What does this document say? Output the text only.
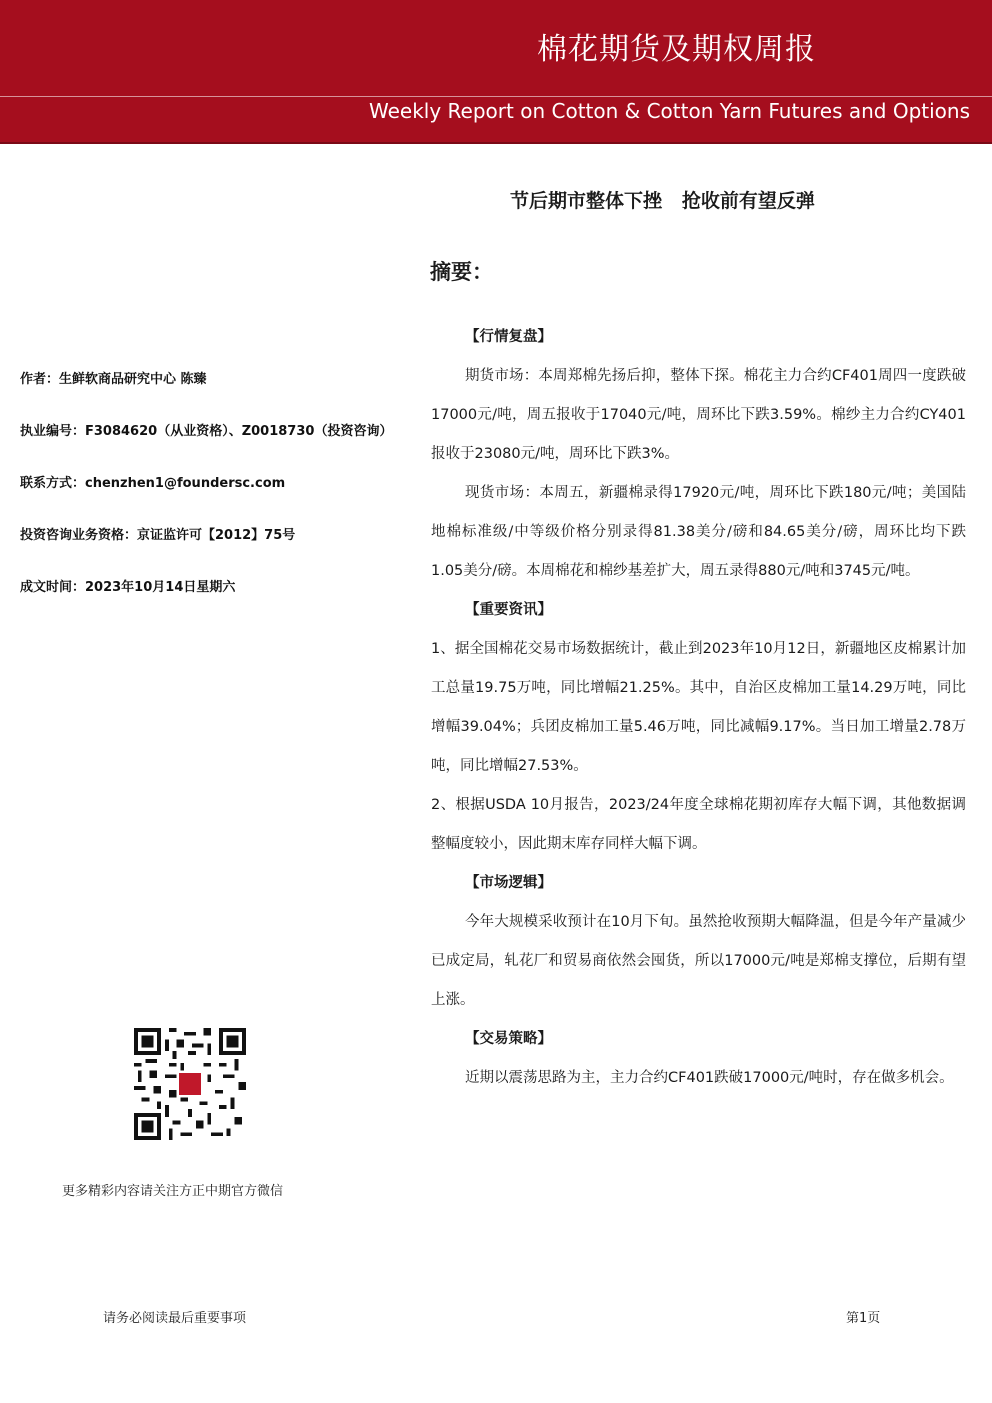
棉花期货及期权周报
Weekly Report on Cotton & Cotton Yarn Futures and Options
节后期市整体下挫   抢收前有望反弹
摘要：
作者：生鲜软商品研究中心 陈臻
执业编号：F3084620（从业资格）、Z0018730（投资咨询）
联系方式：chenzhen1@foundersc.com
投资咨询业务资格：京证监许可【2012】75号
成文时间：2023年10月14日星期六
更多精彩内容请关注方正中期官方微信
【行情复盘】

期货市场：本周郑棉先扬后抑，整体下探。棉花主力合约CF401周四一度跌破17000元/吨，周五报收于17040元/吨，周环比下跌3.59%。棉纱主力合约CY401报收于23080元/吨，周环比下跌3%。

现货市场：本周五，新疆棉录得17920元/吨，周环比下跌180元/吨；美国陆地棉标准级/中等级价格分别录得81.38美分/磅和84.65美分/磅，周环比均下跌1.05美分/磅。本周棉花和棉纱基差扩大，周五录得880元/吨和3745元/吨。

【重要资讯】

1、据全国棉花交易市场数据统计，截止到2023年10月12日，新疆地区皮棉累计加工总量19.75万吨，同比增幅21.25%。其中，自治区皮棉加工量14.29万吨，同比增幅39.04%；兵团皮棉加工量5.46万吨，同比减幅9.17%。当日加工增量2.78万吨，同比增幅27.53%。

2、根据USDA 10月报告，2023/24年度全球棉花期初库存大幅下调，其他数据调整幅度较小，因此期末库存同样大幅下调。

【市场逻辑】

今年大规模采收预计在10月下旬。虽然抢收预期大幅降温，但是今年产量减少已成定局，轧花厂和贸易商依然会囤货，所以17000元/吨是郑棉支撑位，后期有望上涨。

【交易策略】

近期以震荡思路为主，主力合约CF401跌破17000元/吨时，存在做多机会。

请务必阅读最后重要事项	第1页
